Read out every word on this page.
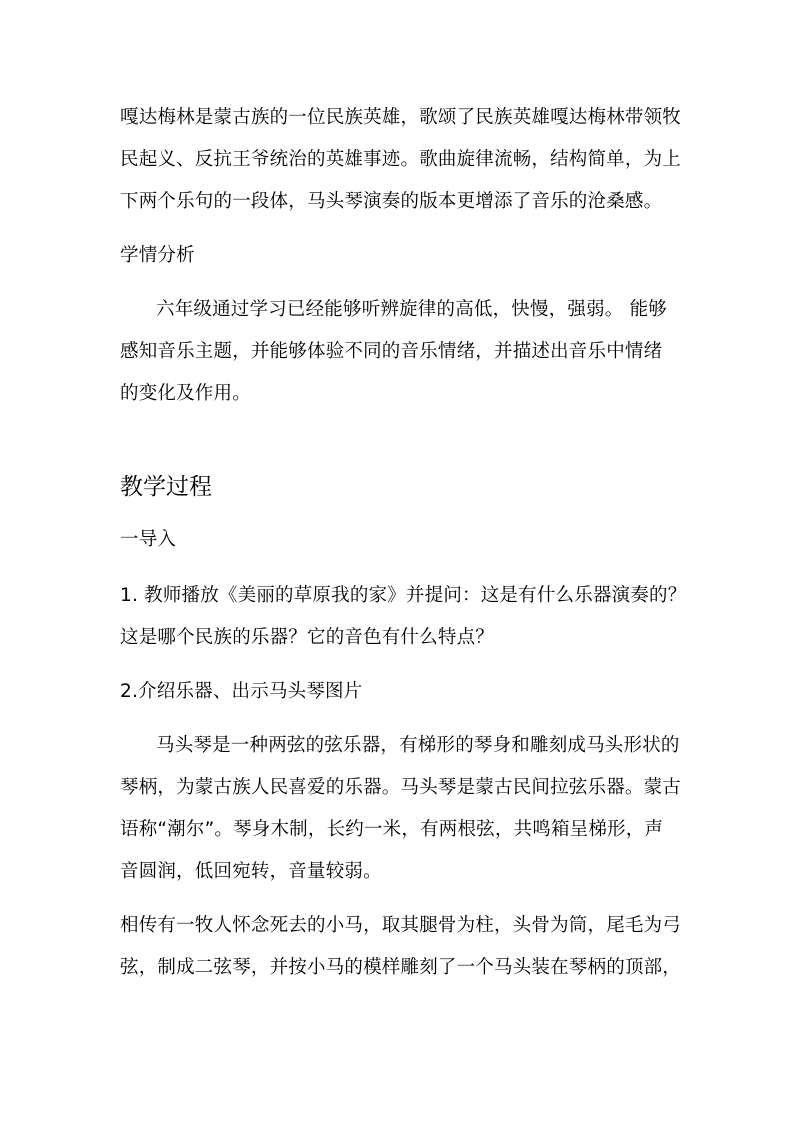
嘎达梅林是蒙古族的一位民族英雄，歌颂了民族英雄嘎达梅林带领牧
民起义、反抗王爷统治的英雄事迹。歌曲旋律流畅，结构简单，为上
下两个乐句的一段体，马头琴演奏的版本更增添了音乐的沧桑感。
学情分析
六年级通过学习已经能够听辨旋律的高低，快慢，强弱。 能够
感知音乐主题，并能够体验不同的音乐情绪，并描述出音乐中情绪
的变化及作用。
教学过程
一导入
1. 教师播放《美丽的草原我的家》并提问：这是有什么乐器演奏的？
这是哪个民族的乐器？它的音色有什么特点？
2.介绍乐器、出示马头琴图片
马头琴是一种两弦的弦乐器，有梯形的琴身和雕刻成马头形状的
琴柄，为蒙古族人民喜爱的乐器。马头琴是蒙古民间拉弦乐器。蒙古
语称“潮尔”。琴身木制，长约一米，有两根弦，共鸣箱呈梯形，声
音圆润，低回宛转，音量较弱。
相传有一牧人怀念死去的小马，取其腿骨为柱，头骨为筒，尾毛为弓
弦，制成二弦琴，并按小马的模样雕刻了一个马头装在琴柄的顶部，
